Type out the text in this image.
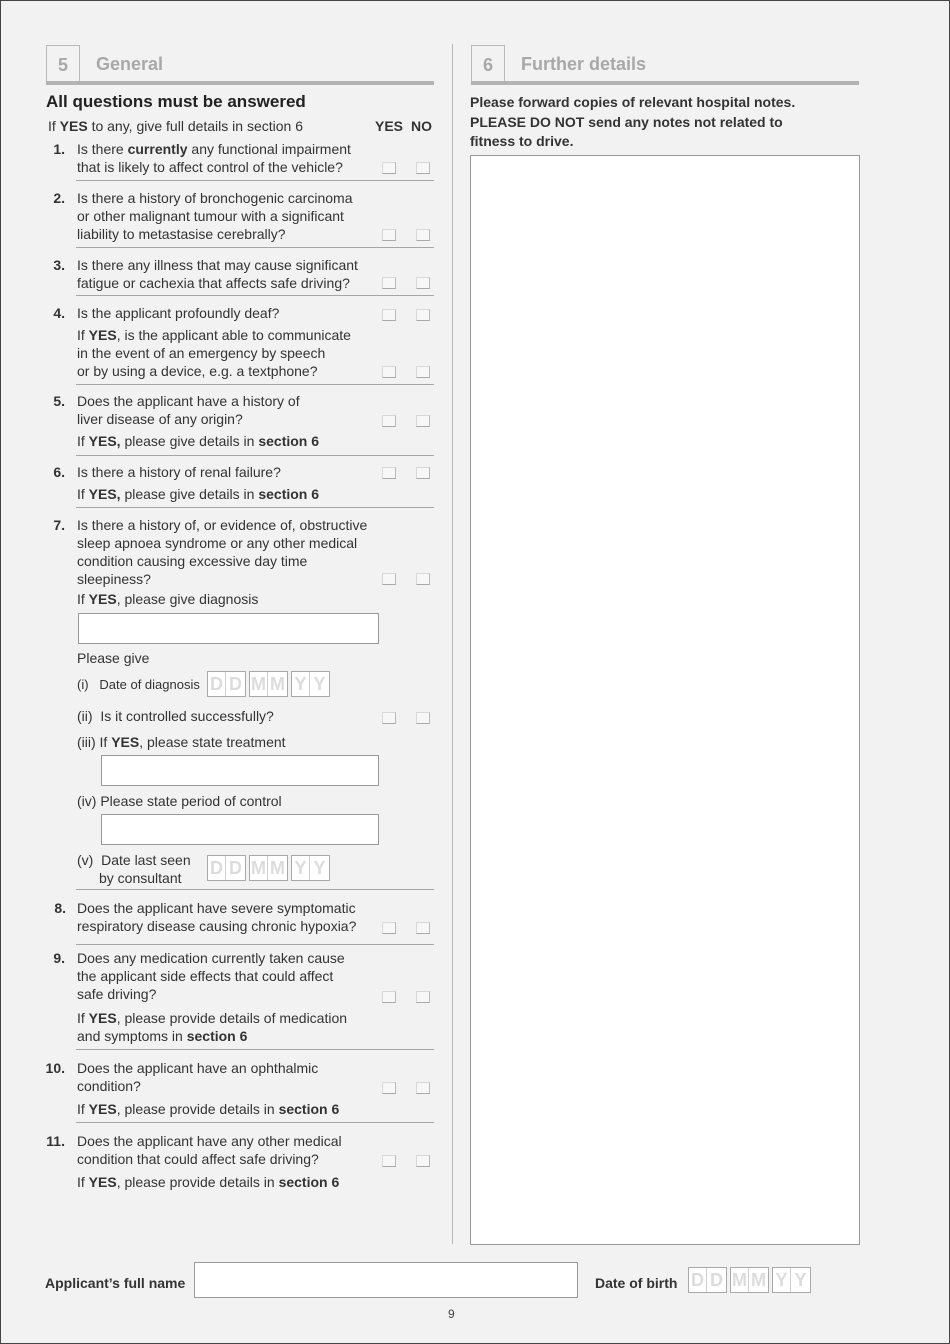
5	General	6	Further details
All questions must be answered
If YES to any, give full details in section 6	YES NO
1. Is there currently any functional impairment
that is likely to affect control of the vehicle?
2. Is there a history of bronchogenic carcinoma
or other malignant tumour with a significant
liability to metastasise cerebrally?
3. Is there any illness that may cause significant
fatigue or cachexia that affects safe driving?
4. Is the applicant profoundly deaf?
If YES, is the applicant able to communicate
in the event of an emergency by speech
or by using a device, e.g. a textphone?
5. Does the applicant have a history of
liver disease of any origin?
If YES, please give details in section 6
6. Is there a history of renal failure?
If YES, please give details in section 6
7. Is there a history of, or evidence of, obstructive
sleep apnoea syndrome or any other medical
condition causing excessive day time
sleepiness?
If YES, please give diagnosis
Please give
(i) Date of diagnosis D D M M Y Y
(ii) Is it controlled successfully?
(iii) If YES, please state treatment
(iv) Please state period of control
(v) Date last seen
by consultant	D D M M Y Y
8. Does the applicant have severe symptomatic
respiratory disease causing chronic hypoxia?
9. Does any medication currently taken cause
the applicant side effects that could affect
safe driving?
If YES, please provide details of medication
and symptoms in section 6
10. Does the applicant have an ophthalmic
condition?
If YES, please provide details in section 6
11. Does the applicant have any other medical
condition that could affect safe driving?
If YES, please provide details in section 6
Please forward copies of relevant hospital notes.
PLEASE DO NOT send any notes not related to
fitness to drive.
Applicant’s full name	Date of birth D D M M Y Y
9
